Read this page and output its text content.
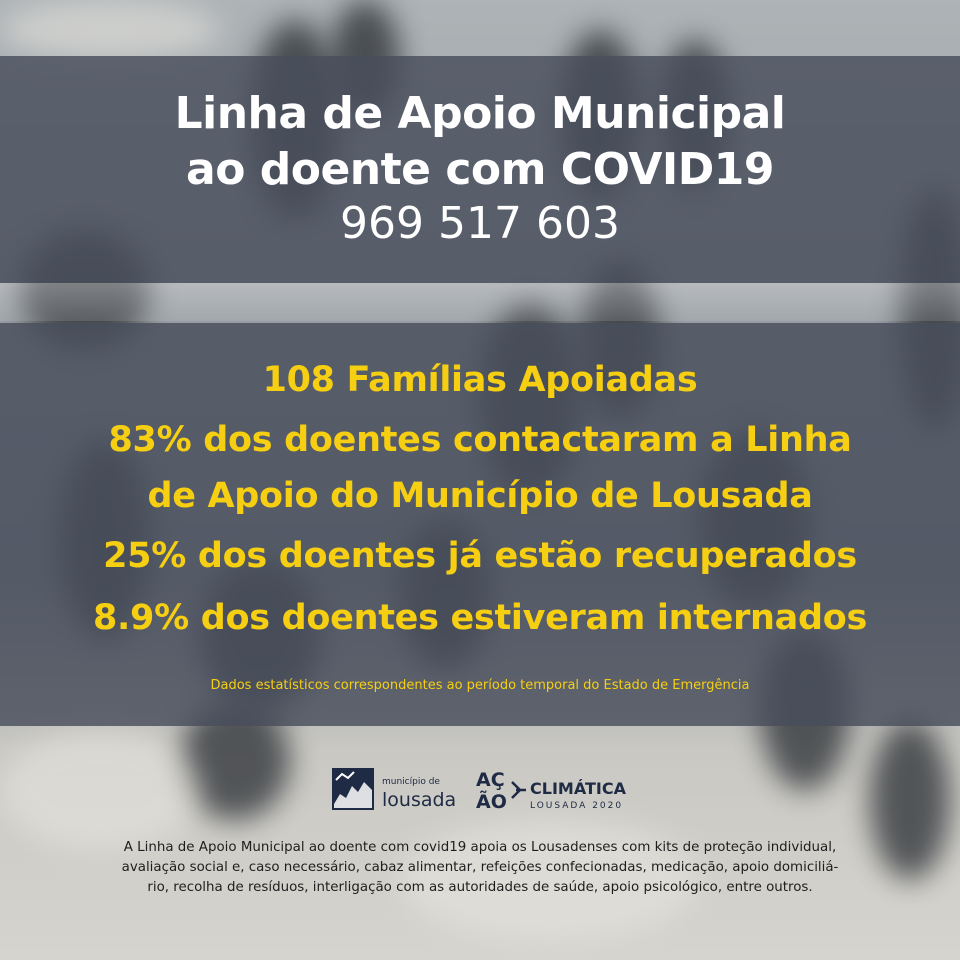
Linha de Apoio Municipal
ao doente com COVID19
969 517 603
108 Famílias Apoiadas
83% dos doentes contactaram a Linha
de Apoio do Município de Lousada
25% dos doentes já estão recuperados
8.9% dos doentes estiveram internados
Dados estatísticos correspondentes ao período temporal do Estado de Emergência
município de
lousada
AÇ
ÃO
CLIMÁTICA
LOUSADA 2020
A Linha de Apoio Municipal ao doente com covid19 apoia os Lousadenses com kits de proteção individual,
avaliação social e, caso necessário, cabaz alimentar, refeições confecionadas, medicação, apoio domiciliá-
rio, recolha de resíduos, interligação com as autoridades de saúde, apoio psicológico, entre outros.
